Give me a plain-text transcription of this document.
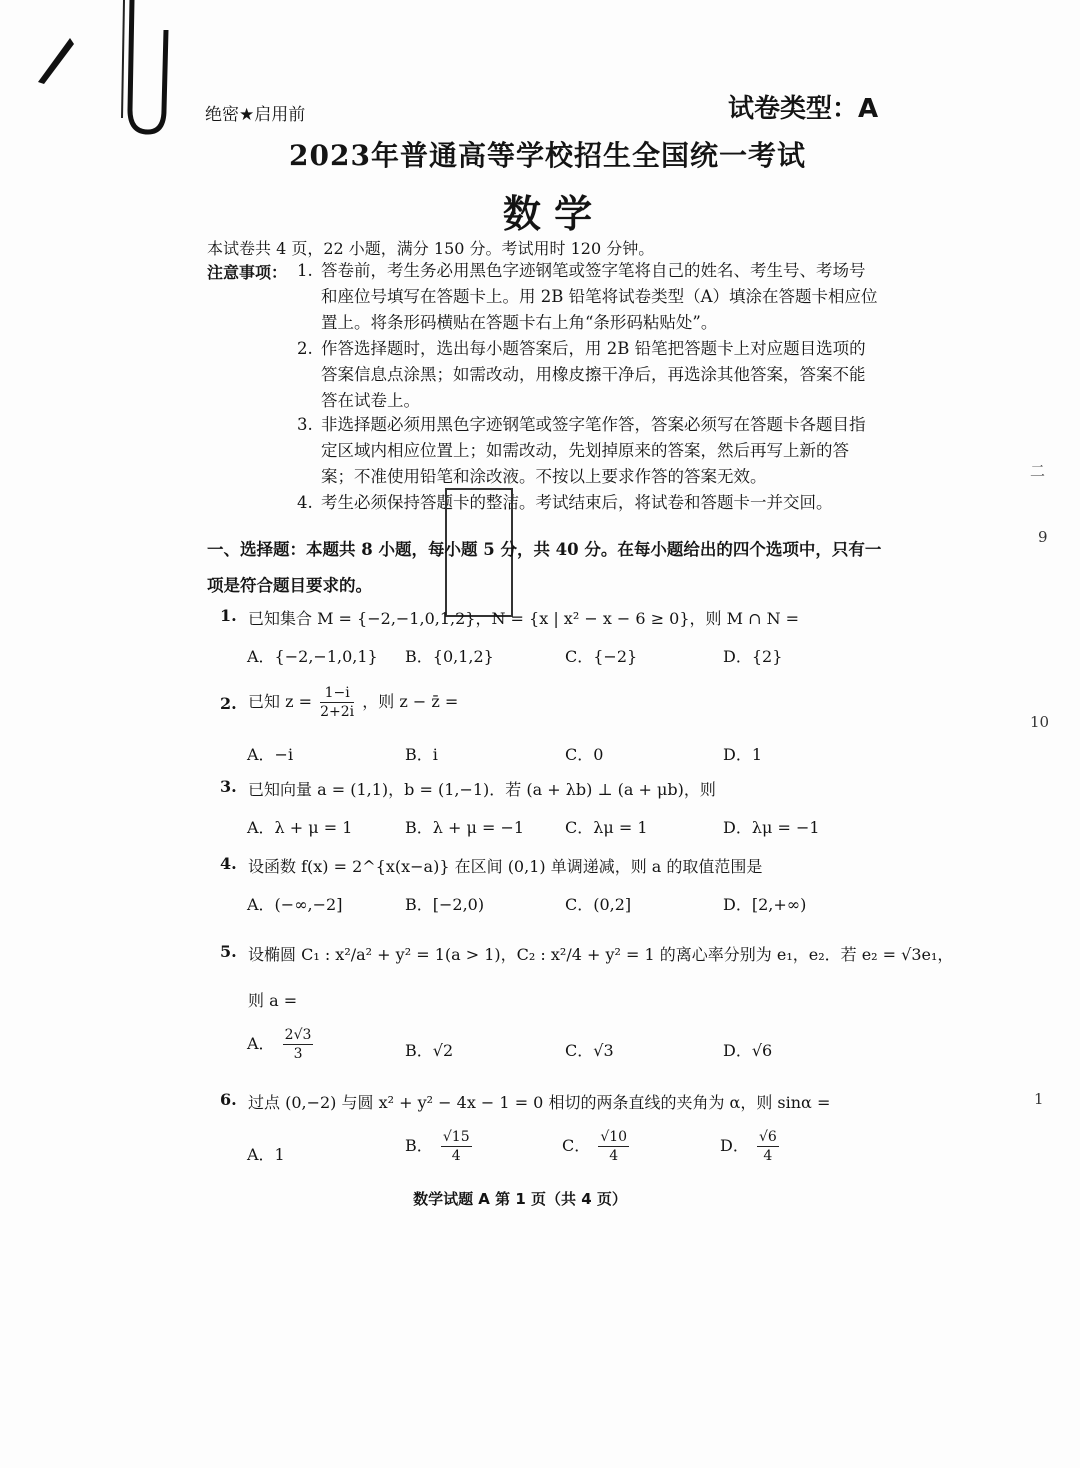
绝密★启用前	试卷类型：A
2023年普通高等学校招生全国统一考试
数 学
本试卷共 4 页，22 小题，满分 150 分。考试用时 120 分钟。
注意事项： 1. 答卷前，考生务必用黑色字迹钢笔或签字笔将自己的姓名、考生号、考场号和座位号填写在答题卡上。用 2B 铅笔将试卷类型（A）填涂在答题卡相应位置上。将条形码横贴在答题卡右上角“条形码粘贴处”。
2. 作答选择题时，选出每小题答案后，用 2B 铅笔把答题卡上对应题目选项的答案信息点涂黑；如需改动，用橡皮擦干净后，再选涂其他答案，答案不能答在试卷上。
3. 非选择题必须用黑色字迹钢笔或签字笔作答，答案必须写在答题卡各题目指定区域内相应位置上；如需改动，先划掉原来的答案，然后再写上新的答案；不准使用铅笔和涂改液。不按以上要求作答的答案无效。
4. 考生必须保持答题卡的整洁。考试结束后，将试卷和答题卡一并交回。
一、选择题：本题共 8 小题，每小题 5 分，共 40 分。在每小题给出的四个选项中，只有一项是符合题目要求的。
1. 已知集合 M = {−2,−1,0,1,2}，N = {x | x² − x − 6 ≥ 0}，则 M ∩ N =
A．{−2,−1,0,1} B．{0,1,2}	C．{−2}	D．{2}
2. 已知 $z = \frac{1-i}{2+2i}$ ，则 z − z̄ =
A．−i	B．i	C．0	D．1
3. 已知向量 a = (1,1)，b = (1,−1)．若 (a + λb) ⊥ (a + μb)，则
A．λ + μ = 1	B．λ + μ = −1	C．λμ = 1	D．λμ = −1
4. 设函数 f(x) = 2^{x(x−a)} 在区间 (0,1) 单调递减，则 a 的取值范围是
A．(−∞,−2]	B．[−2,0)	C．(0,2]	D．[2,+∞)
5. 设椭圆 C₁ : x²/a² + y² = 1(a > 1)，C₂ : x²/4 + y² = 1 的离心率分别为 e₁，e₂．若 e₂ = √3e₁，
则 a =
A． $\frac{2√3}{3}$	B．√2	C．√3	D．√6
6. 过点 (0,−2) 与圆 x² + y² − 4x − 1 = 0 相切的两条直线的夹角为 α，则 sinα =
A．1	B． $\frac{√15}{4}$	C． $\frac{√10}{4}$	D． $\frac{√6}{4}$
数学试题 A 第 1 页（共 4 页）
二
9
10
1
